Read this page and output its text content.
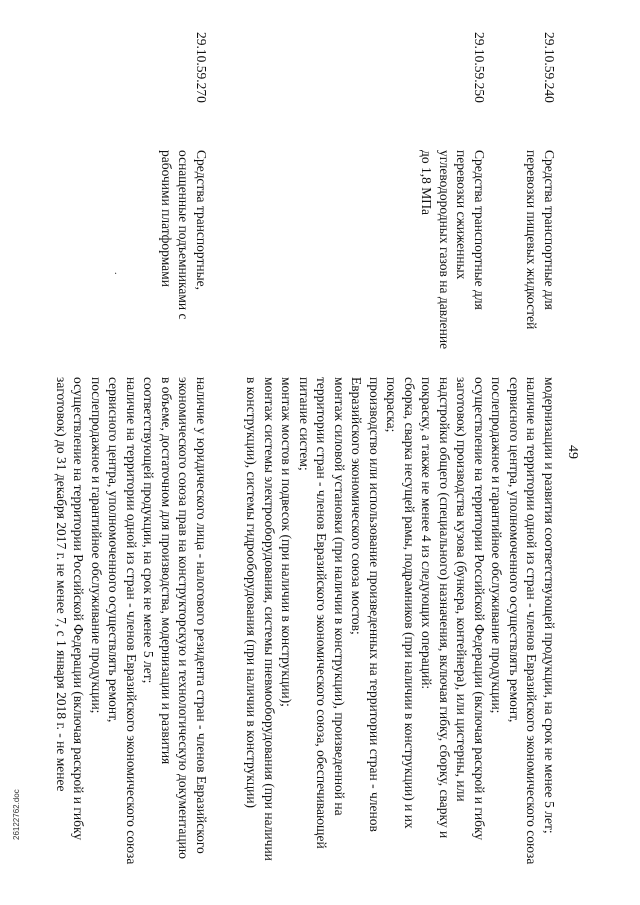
49
29.10.59.240
Средства транспортные для перевозки пищевых жидкостей
29.10.59.250
Средства транспортные для перевозки сжиженных углеводородных газов на давление до 1,8 МПа
модернизации и развития соответствующей продукции, на срок не менее 5 лет;
наличие на территории одной из стран - членов Евразийского экономического союза сервисного центра, уполномоченного осуществлять ремонт,
послепродажное и гарантийное обслуживание продукции;
осуществление на территории Российской Федерации (включая раскрой и гибку заготовок) производства кузова (бункера, контейнера), или цистерны, или надстройки общего (специального) назначения, включая гибку, сборку, сварку и покраску, а также не менее 4 из следующих операций:
сборка, сварка несущей рамы, подрамников (при наличии в конструкции) и их покраска;
производство или использование произведенных на территории стран - членов Евразийского экономического союза мостов;
монтаж силовой установки (при наличии в конструкции), произведенной на территории стран - членов Евразийского экономического союза, обеспечивающей питание систем;
монтаж мостов и подвесок (при наличии в конструкции);
монтаж системы электрооборудования, системы пневмооборудования (при наличии в конструкции), системы гидрооборудования (при наличии в конструкции)
29.10.59.270
Средства транспортные, оснащенные подъемниками с рабочими платформами
.
наличие у юридического лица - налогового резидента стран - членов Евразийского экономического союза прав на конструкторскую и технологическую документацию в объеме, достаточном для производства, модернизации и развития соответствующей продукции, на срок не менее 5 лет;
наличие на территории одной из стран - членов Евразийского экономического союза сервисного центра, уполномоченного осуществлять ремонт,
послепродажное и гарантийное обслуживание продукции;
осуществление на территории Российской Федерации (включая раскрой и гибку заготовок) до 31 декабря 2017 г. не менее 7, с 1 января 2018 г. - не менее
26122762.doc
